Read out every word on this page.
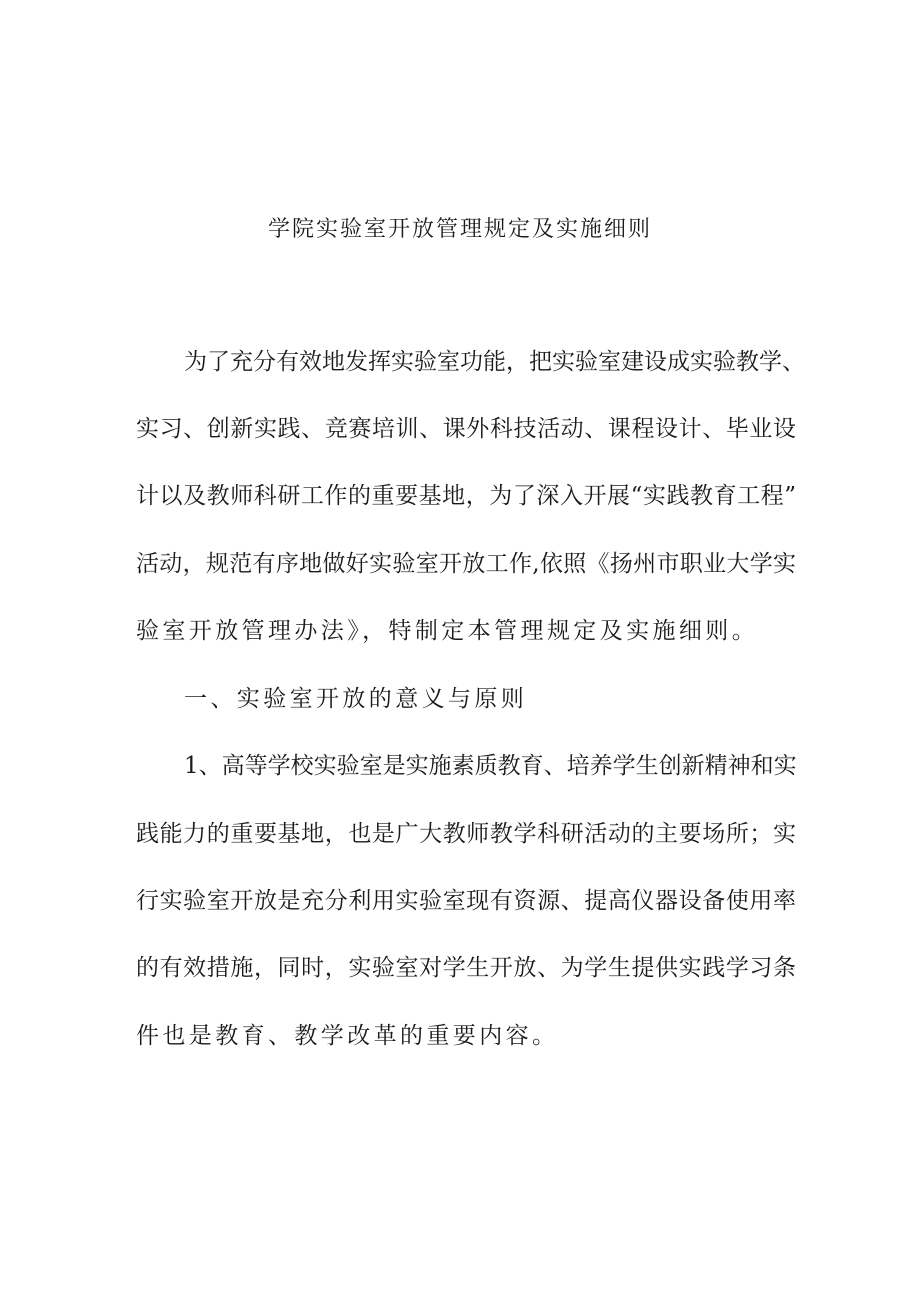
学院实验室开放管理规定及实施细则

为了充分有效地发挥实验室功能，把实验室建设成实验教学、

实习、创新实践、竞赛培训、课外科技活动、课程设计、毕业设

计以及教师科研工作的重要基地，为了深入开展“实践教育工程”

活动，规范有序地做好实验室开放工作,依照《扬州市职业大学实

验室开放管理办法》，特制定本管理规定及实施细则。

一、实验室开放的意义与原则

1、高等学校实验室是实施素质教育、培养学生创新精神和实

践能力的重要基地，也是广大教师教学科研活动的主要场所；实

行实验室开放是充分利用实验室现有资源、提高仪器设备使用率

的有效措施，同时，实验室对学生开放、为学生提供实践学习条

件也是教育、教学改革的重要内容。
